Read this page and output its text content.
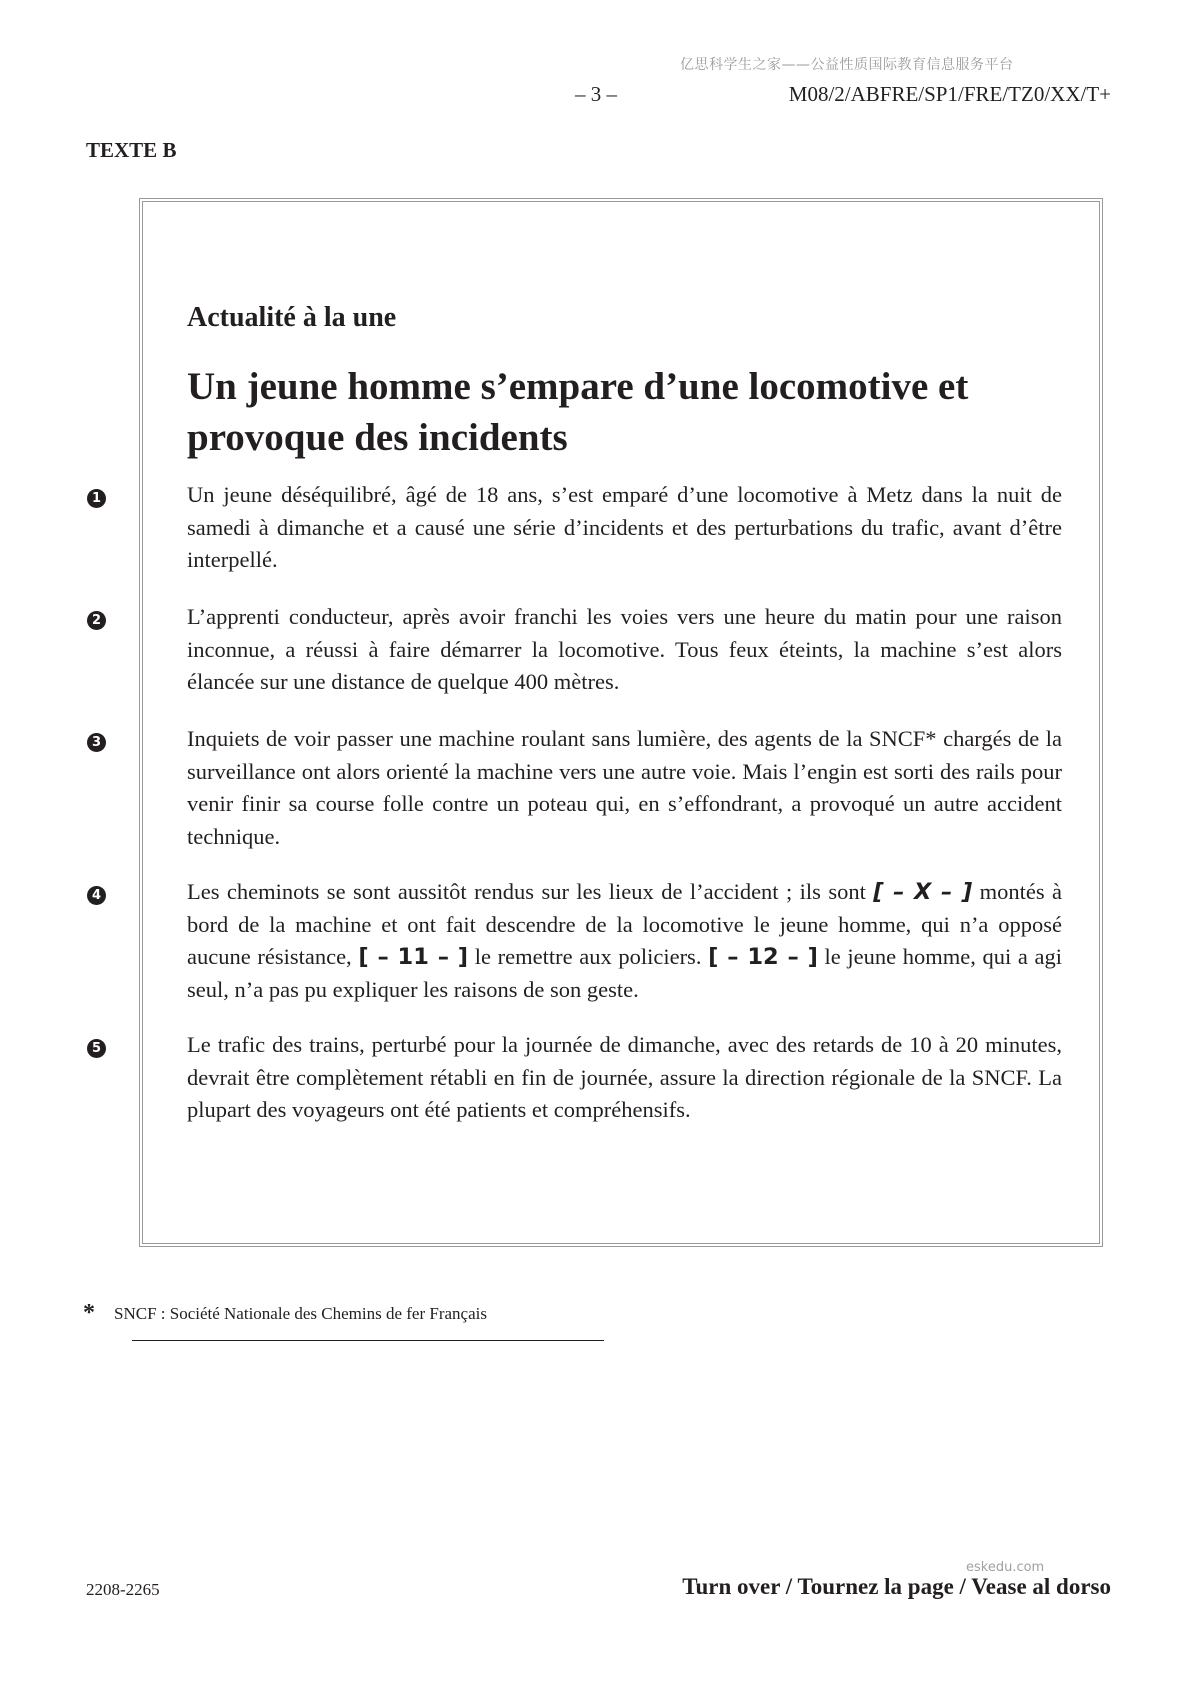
亿思科学生之家——公益性质国际教育信息服务平台
– 3 –	M08/2/ABFRE/SP1/FRE/TZ0/XX/T+
TEXTE B
Actualité à la une
Un jeune homme s’empare d’une locomotive et provoque des incidents
1	Un jeune déséquilibré, âgé de 18 ans, s’est emparé d’une locomotive à Metz dans la nuit de samedi à dimanche et a causé une série d’incidents et des perturbations du trafic, avant d’être interpellé.
2	L’apprenti conducteur, après avoir franchi les voies vers une heure du matin pour une raison inconnue, a réussi à faire démarrer la locomotive. Tous feux éteints, la machine s’est alors élancée sur une distance de quelque 400 mètres.
3	Inquiets de voir passer une machine roulant sans lumière, des agents de la SNCF* chargés de la surveillance ont alors orienté la machine vers une autre voie. Mais l’engin est sorti des rails pour venir finir sa course folle contre un poteau qui, en s’effondrant, a provoqué un autre accident technique.
4	Les cheminots se sont aussitôt rendus sur les lieux de l’accident ; ils sont [ – X – ] montés à bord de la machine et ont fait descendre de la locomotive le jeune homme, qui n’a opposé aucune résistance, [ – 11 – ] le remettre aux policiers. [ – 12 – ] le jeune homme, qui a agi seul, n’a pas pu expliquer les raisons de son geste.
5	Le trafic des trains, perturbé pour la journée de dimanche, avec des retards de 10 à 20 minutes, devrait être complètement rétabli en fin de journée, assure la direction régionale de la SNCF. La plupart des voyageurs ont été patients et compréhensifs.
* SNCF : Société Nationale des Chemins de fer Français
eskedu.com
2208-2265	Turn over / Tournez la page / Vease al dorso
